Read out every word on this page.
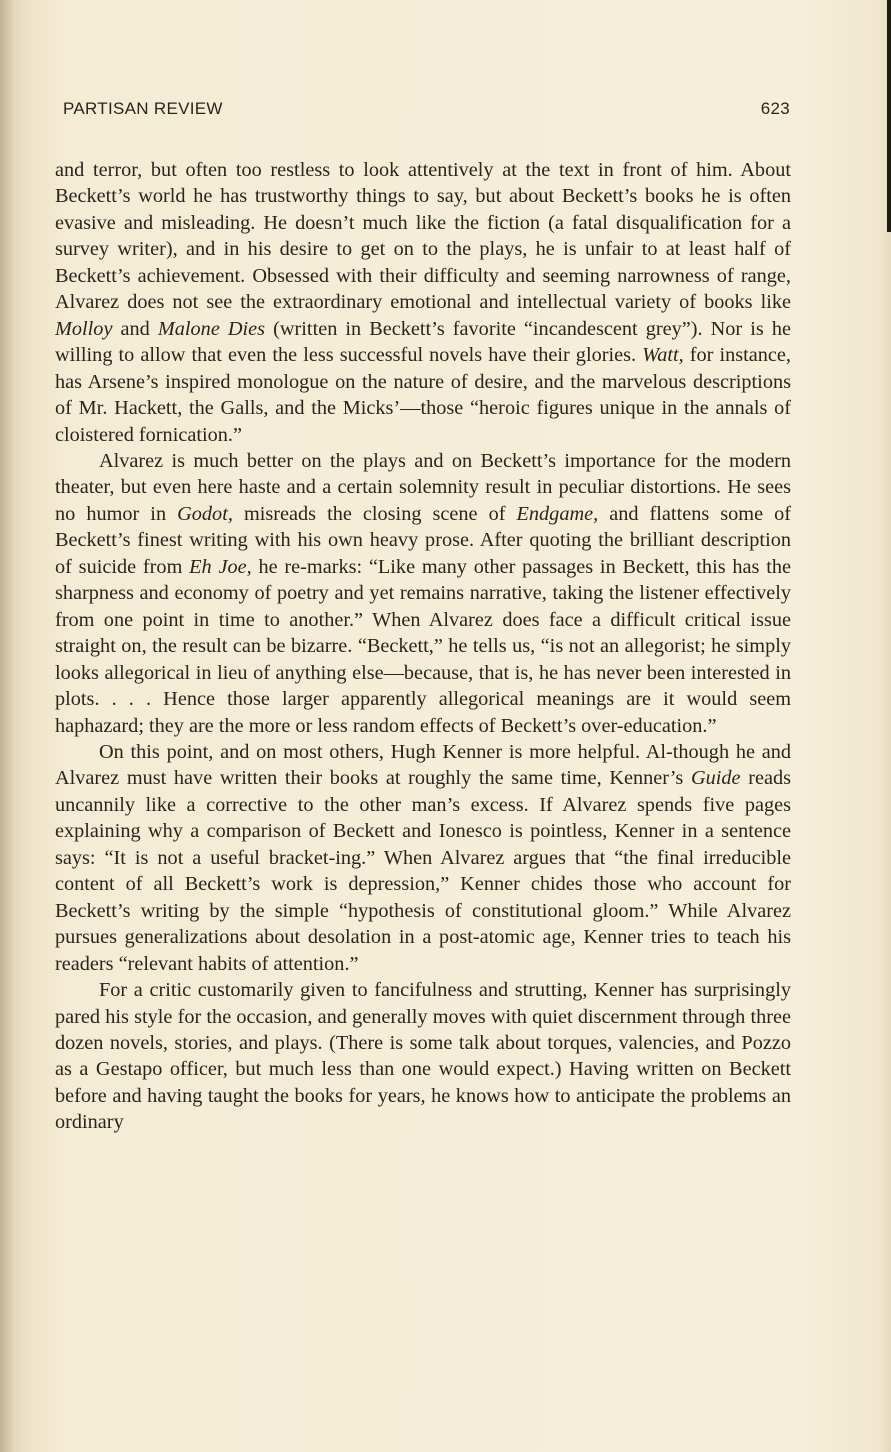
PARTISAN REVIEW	623

and terror, but often too restless to look attentively at the text in front of him. About Beckett’s world he has trustworthy things to say, but about Beckett’s books he is often evasive and misleading. He doesn’t much like the fiction (a fatal disqualification for a survey writer), and in his desire to get on to the plays, he is unfair to at least half of Beckett’s achievement. Obsessed with their difficulty and seeming narrowness of range, Alvarez does not see the extraordinary emotional and intellectual variety of books like Molloy and Malone Dies (written in Beckett’s favorite “incandescent grey”). Nor is he willing to allow that even the less successful novels have their glories. Watt, for instance, has Arsene’s inspired monologue on the nature of desire, and the marvelous descriptions of Mr. Hackett, the Galls, and the Micks’—those “heroic figures unique in the annals of cloistered fornication.”

Alvarez is much better on the plays and on Beckett’s importance for the modern theater, but even here haste and a certain solemnity result in peculiar distortions. He sees no humor in Godot, misreads the closing scene of Endgame, and flattens some of Beckett’s finest writing with his own heavy prose. After quoting the brilliant description of suicide from Eh Joe, he re-marks: “Like many other passages in Beckett, this has the sharpness and economy of poetry and yet remains narrative, taking the listener effectively from one point in time to another.” When Alvarez does face a difficult critical issue straight on, the result can be bizarre. “Beckett,” he tells us, “is not an allegorist; he simply looks allegorical in lieu of anything else—because, that is, he has never been interested in plots. . . . Hence those larger apparently allegorical meanings are it would seem haphazard; they are the more or less random effects of Beckett’s over-education.”

On this point, and on most others, Hugh Kenner is more helpful. Al-though he and Alvarez must have written their books at roughly the same time, Kenner’s Guide reads uncannily like a corrective to the other man’s excess. If Alvarez spends five pages explaining why a comparison of Beckett and Ionesco is pointless, Kenner in a sentence says: “It is not a useful bracket-ing.” When Alvarez argues that “the final irreducible content of all Beckett’s work is depression,” Kenner chides those who account for Beckett’s writing by the simple “hypothesis of constitutional gloom.” While Alvarez pursues generalizations about desolation in a post-atomic age, Kenner tries to teach his readers “relevant habits of attention.”

For a critic customarily given to fancifulness and strutting, Kenner has surprisingly pared his style for the occasion, and generally moves with quiet discernment through three dozen novels, stories, and plays. (There is some talk about torques, valencies, and Pozzo as a Gestapo officer, but much less than one would expect.) Having written on Beckett before and having taught the books for years, he knows how to anticipate the problems an ordinary
